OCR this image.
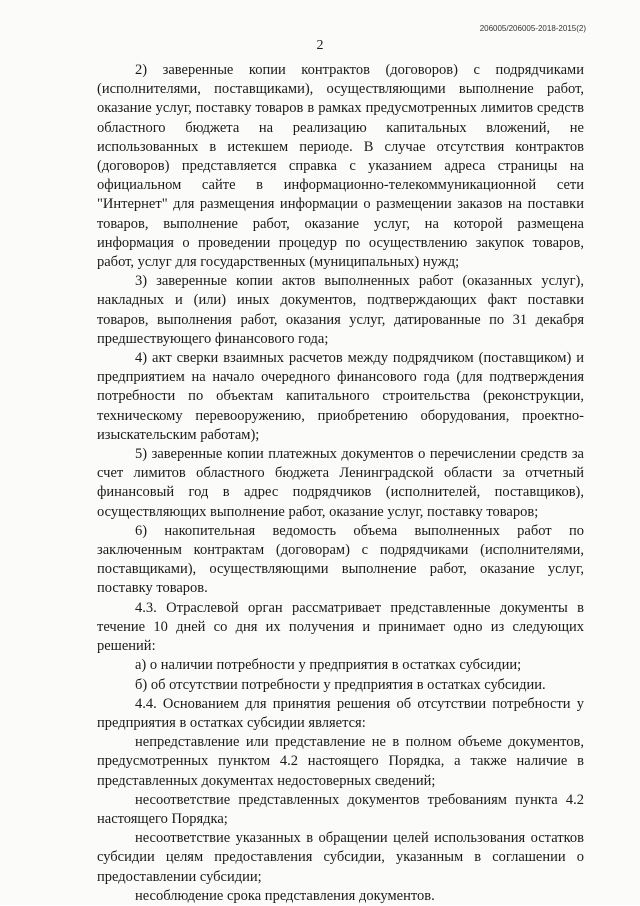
206005/206005-2018-2015(2)
2

2) заверенные копии контрактов (договоров) с подрядчиками (исполнителями, поставщиками), осуществляющими выполнение работ, оказание услуг, поставку товаров в рамках предусмотренных лимитов средств областного бюджета на реализацию капитальных вложений, не использованных в истекшем периоде. В случае отсутствия контрактов (договоров) представляется справка с указанием адреса страницы на официальном сайте в информационно-телекоммуникационной сети "Интернет" для размещения информации о размещении заказов на поставки товаров, выполнение работ, оказание услуг, на которой размещена информация о проведении процедур по осуществлению закупок товаров, работ, услуг для государственных (муниципальных) нужд;

3) заверенные копии актов выполненных работ (оказанных услуг), накладных и (или) иных документов, подтверждающих факт поставки товаров, выполнения работ, оказания услуг, датированные по 31 декабря предшествующего финансового года;

4) акт сверки взаимных расчетов между подрядчиком (поставщиком) и предприятием на начало очередного финансового года (для подтверждения потребности по объектам капитального строительства (реконструкции, техническому перевооружению, приобретению оборудования, проектно-изыскательским работам);

5) заверенные копии платежных документов о перечислении средств за счет лимитов областного бюджета Ленинградской области за отчетный финансовый год в адрес подрядчиков (исполнителей, поставщиков), осуществляющих выполнение работ, оказание услуг, поставку товаров;

6) накопительная ведомость объема выполненных работ по заключенным контрактам (договорам) с подрядчиками (исполнителями, поставщиками), осуществляющими выполнение работ, оказание услуг, поставку товаров.

4.3. Отраслевой орган рассматривает представленные документы в течение 10 дней со дня их получения и принимает одно из следующих решений:

а) о наличии потребности у предприятия в остатках субсидии;

б) об отсутствии потребности у предприятия в остатках субсидии.

4.4. Основанием для принятия решения об отсутствии потребности у предприятия в остатках субсидии является:

непредставление или представление не в полном объеме документов, предусмотренных пунктом 4.2 настоящего Порядка, а также наличие в представленных документах недостоверных сведений;

несоответствие представленных документов требованиям пункта 4.2 настоящего Порядка;

несоответствие указанных в обращении целей использования остатков субсидии целям предоставления субсидии, указанным в соглашении о предоставлении субсидии;

несоблюдение срока представления документов.
